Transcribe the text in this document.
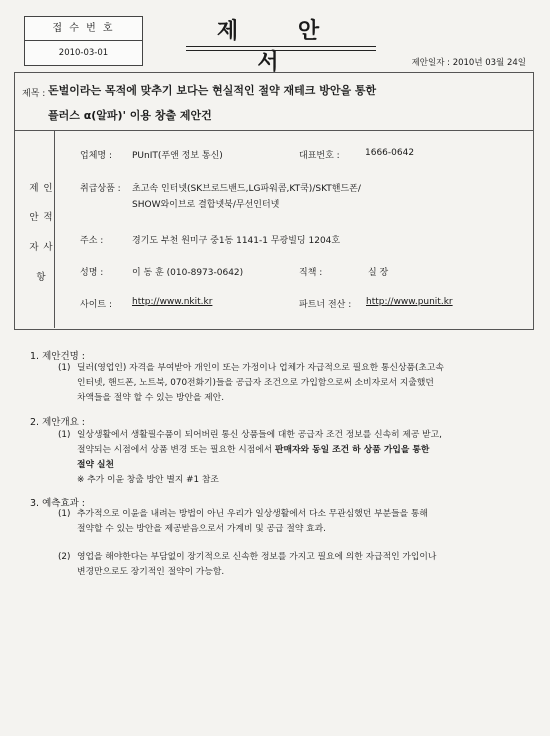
접 수 번 호
2010-03-01
제 안 서	제안일자 : 2010년 03월 24일
제목 : 돈벌이라는 목적에 맞추기 보다는 현실적인 절약 재테크 방안을 통한
플러스 α(알파)' 이용 창출 제안건
제 인
안 적
자 사
항
업체명 : PUnIT(푸앤 정보 통신)	대표번호 :	1666-0642
취급상품 : 초고속 인터넷(SK브로드밴드,LG파워콤,KT쿡)/SKT핸드폰/
SHOW와이브로 결합넷북/무선인터넷
주소 :	경기도 부천 원미구 중1동 1141-1 무광빌딩 1204호
성명 :	이 동 훈 (010-8973-0642)	직책 :	실 장
사이트 : http://www.nkit.kr	파트너 전산 : http://www.punit.kr
1. 제안건명 :
(1) 딜러(영업인) 자격을 부여받아 개인이 또는 가정이나 업체가 자급적으로 필요한 통신상품(초고속
인터넷, 핸드폰, 노트북, 070전화기)들을 공급자 조건으로 가입함으로써 소비자로서 지출했던
차액들을 절약 할 수 있는 방안을 제안.
2. 제안개요 :
(1) 일상생활에서 생활필수품이 되어버린 통신 상품들에 대한 공급자 조건 정보를 신속히 제공 받고,
절약되는 시점에서 상품 변경 또는 필요한 시점에서 판매자와 동일 조건 하 상품 가입을 통한
절약 실천
※ 추가 이윤 창출 방안 별지 #1 참조
3. 예측효과 :
(1) 추가적으로 이윤을 내려는 방법이 아닌 우리가 일상생활에서 다소 무관심했던 부분들을 통해
절약할 수 있는 방안을 제공받음으로서 가계비 및 공급 절약 효과.
(2) 영업을 해야한다는 부담없이 장기적으로 신속한 정보를 가지고 필요에 의한 자급적인 가입이나
변경만으로도 장기적인 절약이 가능함.
